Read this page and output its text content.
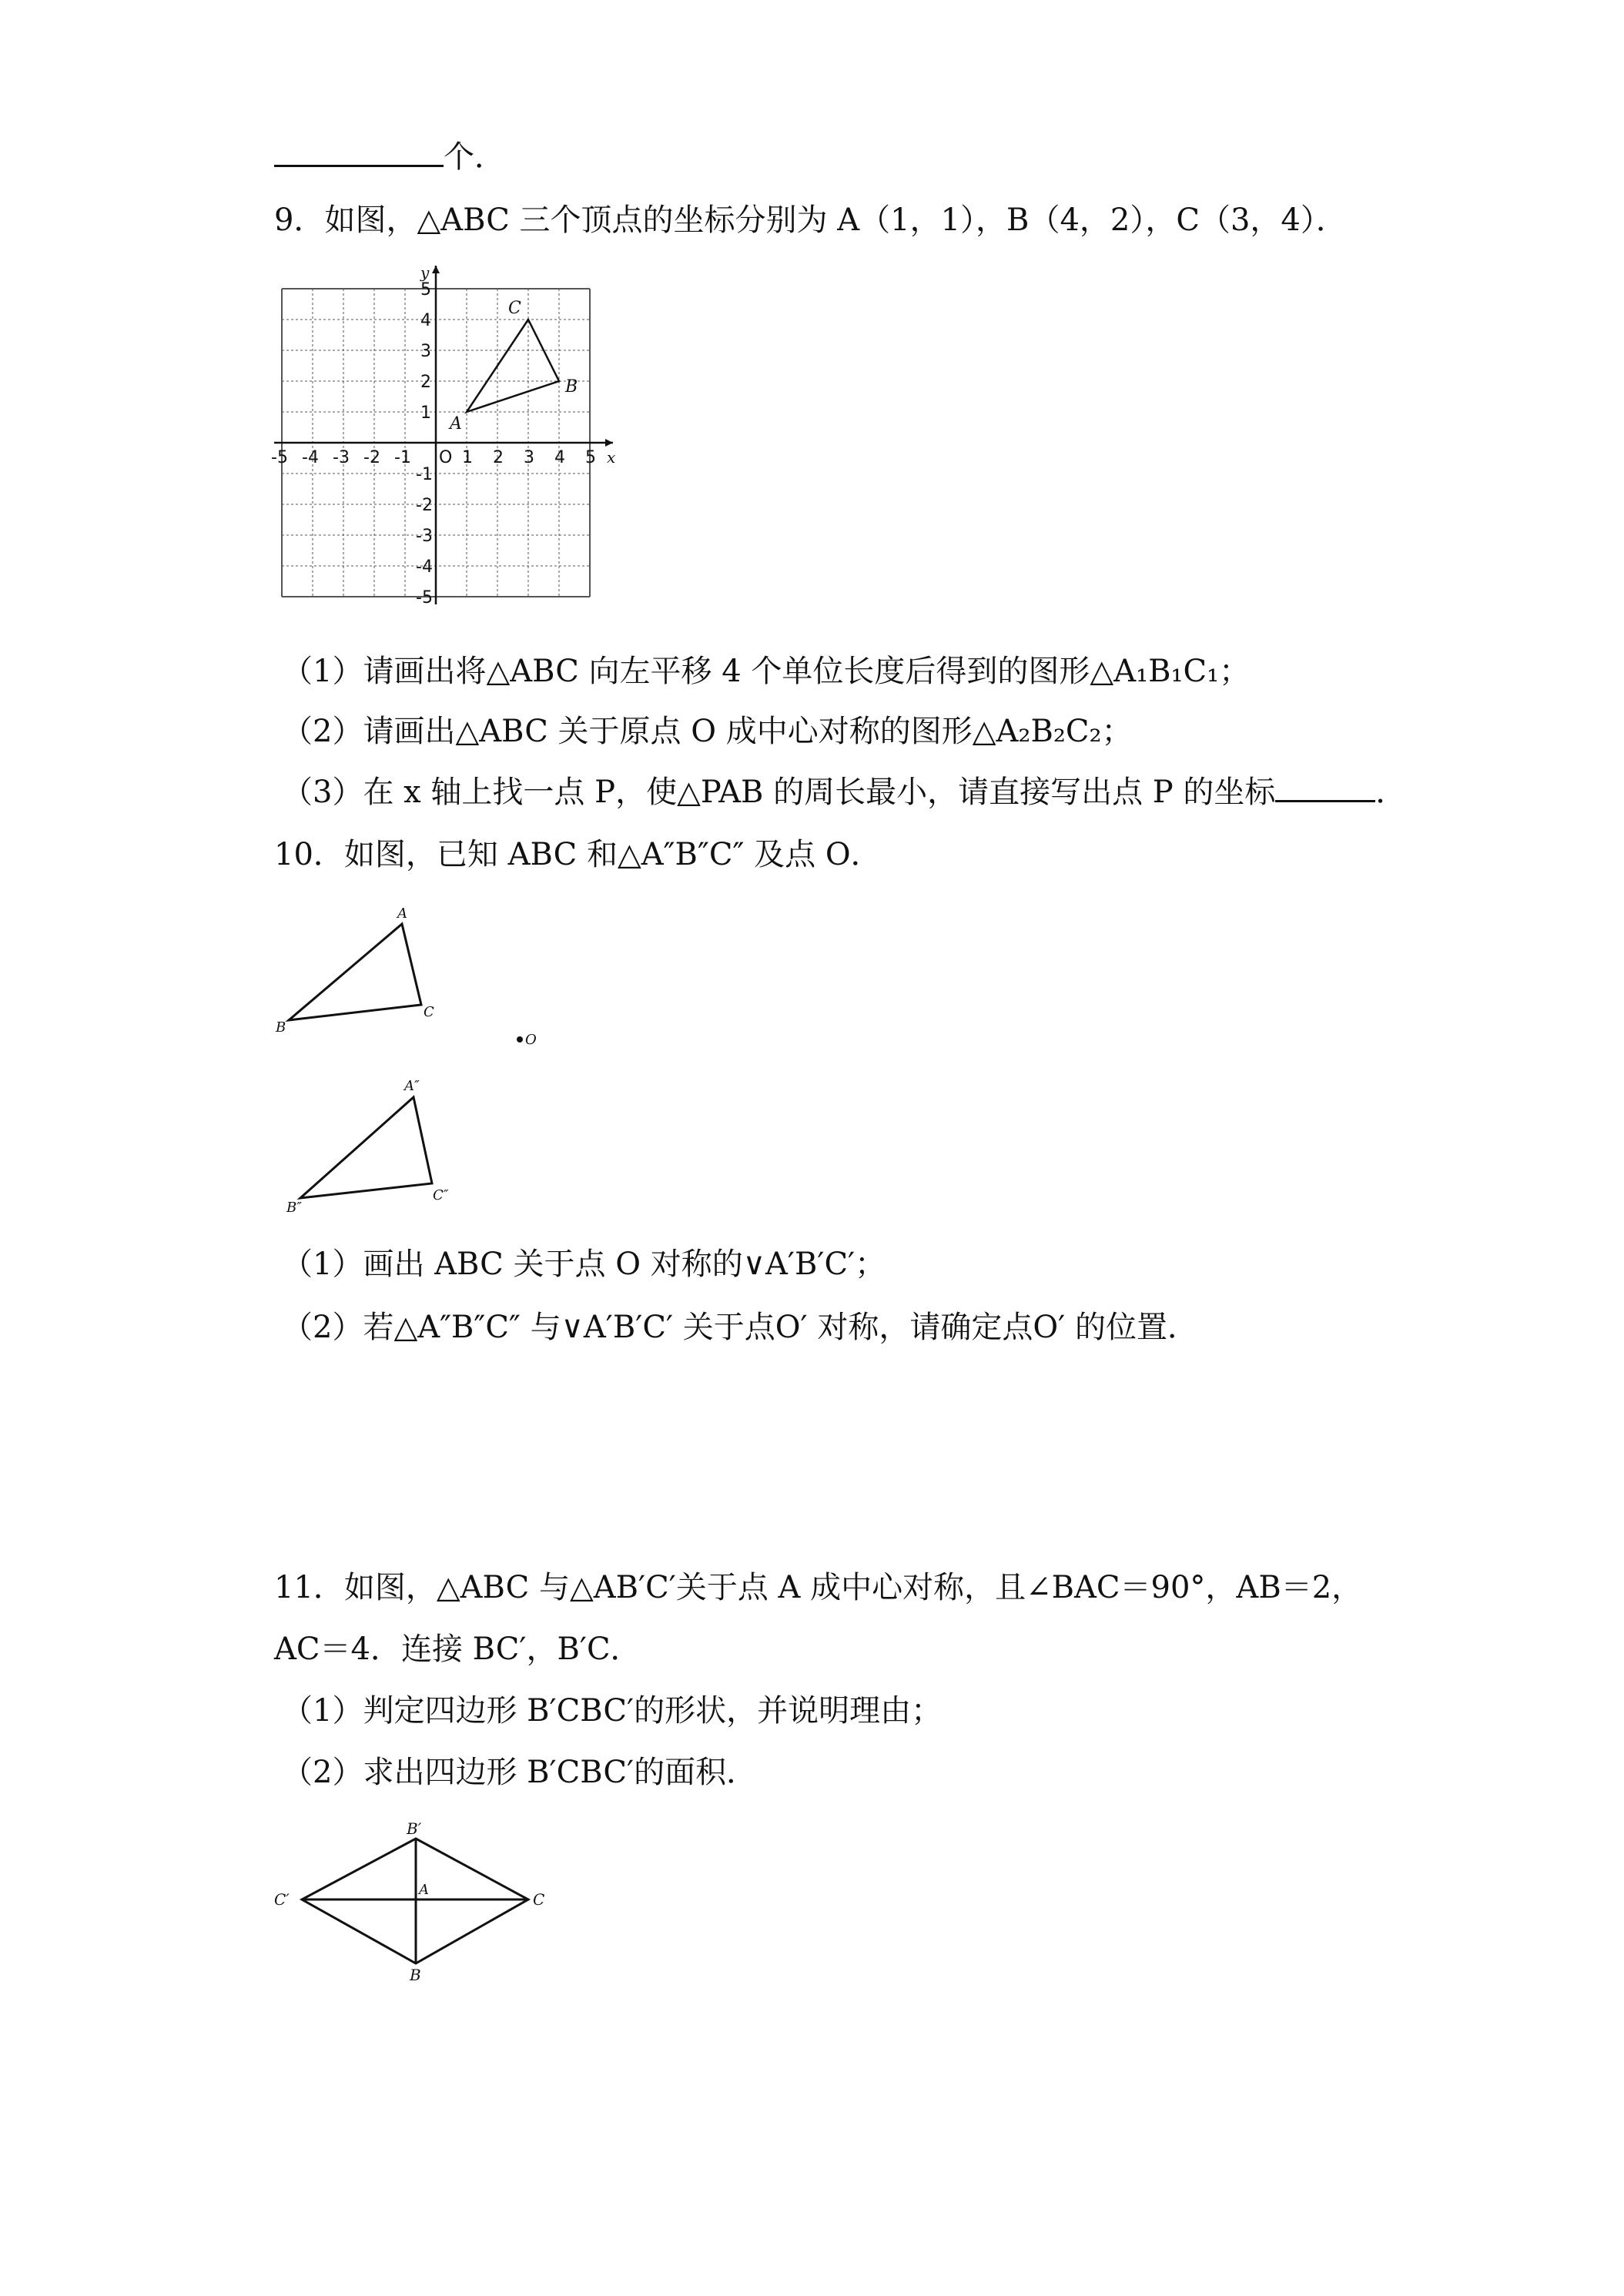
个．
9．如图，△ABC 三个顶点的坐标分别为 A（1，1），B（4，2），C（3，4）．
x
y
-5 -4 -3 -2 -1 O 1 2 3 4 5
5
4
3
2
1
-1
-2
-3
-4
-5
A
B
C
（1）请画出将△ABC 向左平移 4 个单位长度后得到的图形△A₁B₁C₁；
（2）请画出△ABC 关于原点 O 成中心对称的图形△A₂B₂C₂；
（3）在 x 轴上找一点 P，使△PAB 的周长最小，请直接写出点 P 的坐标	．
10．如图，已知 ABC 和△A″B″C″ 及点 O．
A
B
C
O
A″
B″
C″
（1）画出 ABC 关于点 O 对称的∨A′B′C′；
（2）若△A″B″C″ 与∨A′B′C′ 关于点O′ 对称，请确定点O′ 的位置．
11．如图，△ABC 与△AB′C′关于点 A 成中心对称，且∠BAC＝90°，AB＝2，
AC＝4．连接 BC′，B′C．
（1）判定四边形 B′CBC′的形状，并说明理由；
（2）求出四边形 B′CBC′的面积．
B′
C′
A
C
B
